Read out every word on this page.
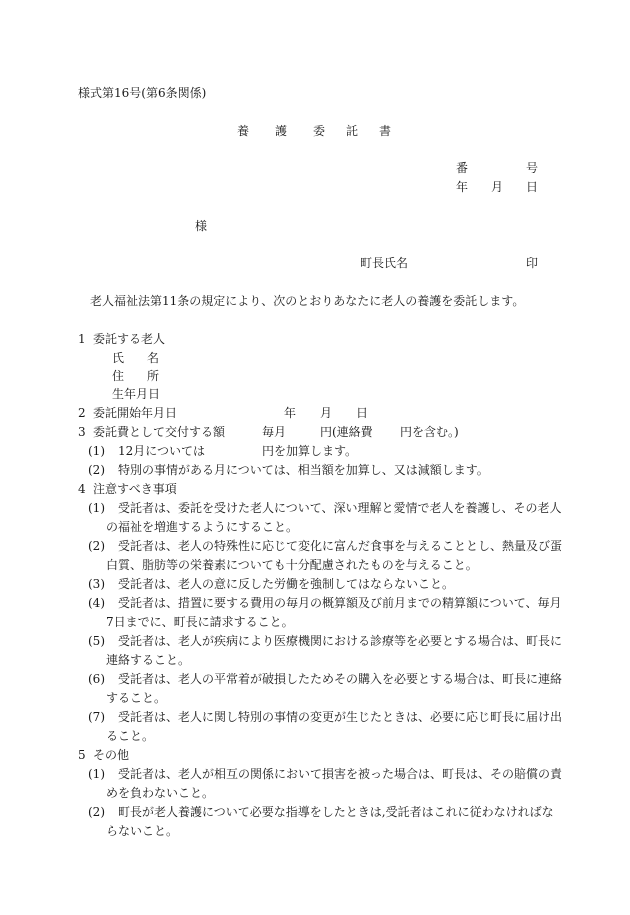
様式第16号(第6条関係)
養 護 委 託 書
番	号
年 月 日
様
町長氏名	印
老人福祉法第11条の規定により、次のとおりあなたに老人の養護を委託します。
1 委託する老人
氏 名
住 所
生年月日
2 委託開始年月日	年 月 日
3 委託費として交付する額	毎月	円(連絡費 円を含む。)
(1) 12月については	円を加算します。
(2) 特別の事情がある月については、相当額を加算し、又は減額します。
4 注意すべき事項
(1) 受託者は、委託を受けた老人について、深い理解と愛情で老人を養護し、その老人
の福祉を増進するようにすること。
(2) 受託者は、老人の特殊性に応じて変化に富んだ食事を与えることとし、熱量及び蛋
白質、脂肪等の栄養素についても十分配慮されたものを与えること。
(3) 受託者は、老人の意に反した労働を強制してはならないこと。
(4) 受託者は、措置に要する費用の毎月の概算額及び前月までの精算額について、毎月
7日までに、町長に請求すること。
(5) 受託者は、老人が疾病により医療機関における診療等を必要とする場合は、町長に
連絡すること。
(6) 受託者は、老人の平常着が破損したためその購入を必要とする場合は、町長に連絡
すること。
(7) 受託者は、老人に関し特別の事情の変更が生じたときは、必要に応じ町長に届け出
ること。
5 その他
(1) 受託者は、老人が相互の関係において損害を被った場合は、町長は、その賠償の責
めを負わないこと。
(2) 町長が老人養護について必要な指導をしたときは,受託者はこれに従わなければな
らないこと。
